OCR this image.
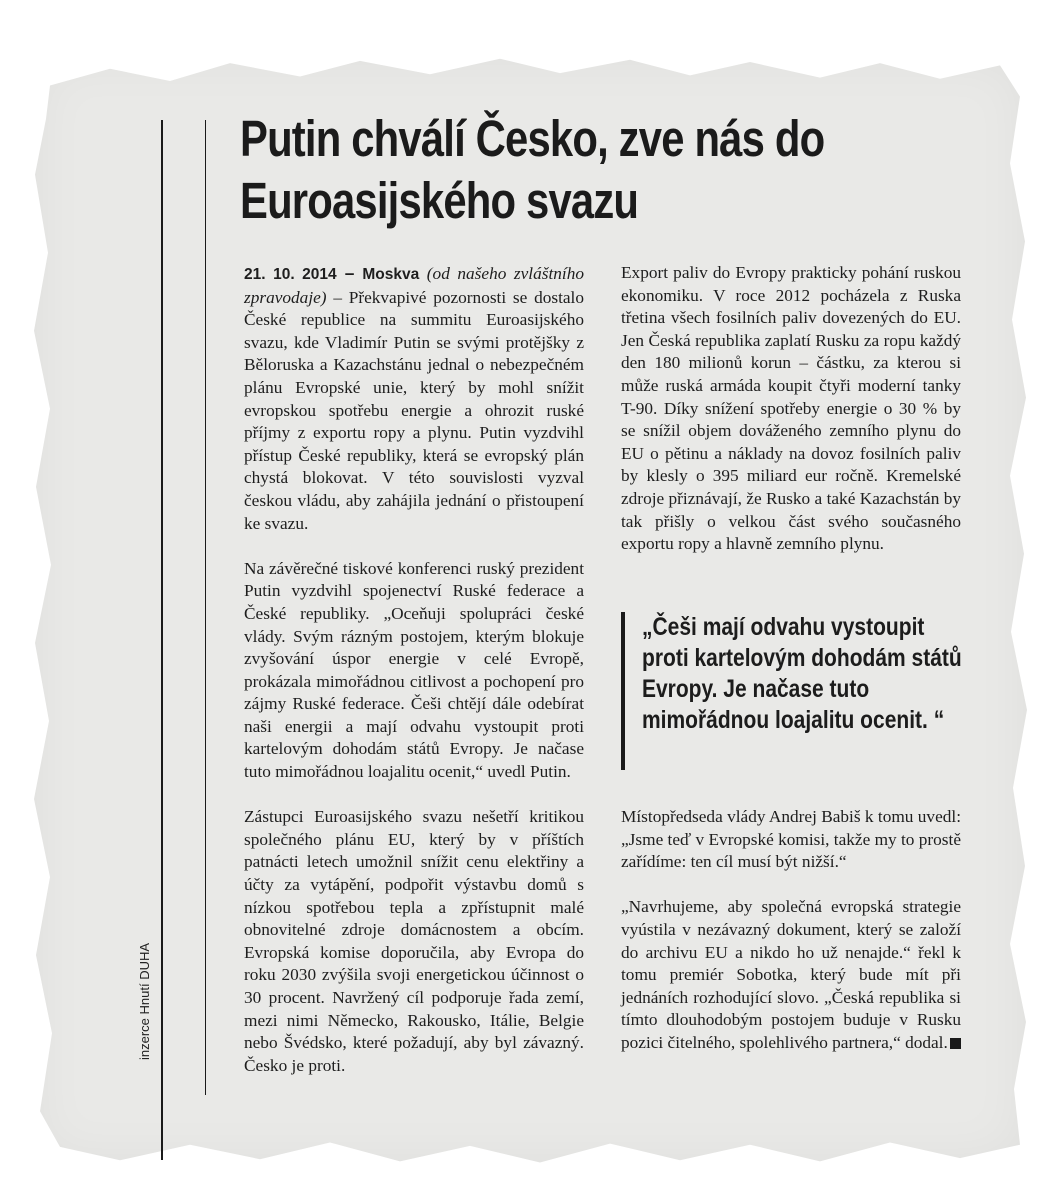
inzerce Hnutí DUHA
Putin chválí Česko, zve nás do Euroasijského svazu

21. 10. 2014 – Moskva (od našeho zvláštního zpravodaje) – Překvapivé pozornosti se dostalo České republice na summitu Euroasijského svazu, kde Vladimír Putin se svými protějšky z Běloruska a Kazachstánu jednal o nebezpečném plánu Evropské unie, který by mohl snížit evropskou spotřebu energie a ohrozit ruské příjmy z exportu ropy a plynu. Putin vyzdvihl přístup České republiky, která se evropský plán chystá blokovat. V této souvislosti vyzval českou vládu, aby zahájila jednání o přistoupení ke svazu.

Na závěrečné tiskové konferenci ruský prezident Putin vyzdvihl spojenectví Ruské federace a České republiky. „Oceňuji spolupráci české vlády. Svým rázným postojem, kterým blokuje zvyšování úspor energie v celé Evropě, prokázala mimořádnou citlivost a pochopení pro zájmy Ruské federace. Češi chtějí dále odebírat naši energii a mají odvahu vystoupit proti kartelovým dohodám států Evropy. Je načase tuto mimořádnou loajalitu ocenit,“ uvedl Putin.

Zástupci Euroasijského svazu nešetří kritikou společného plánu EU, který by v příštích patnácti letech umožnil snížit cenu elektřiny a účty za vytápění, podpořit výstavbu domů s nízkou spotřebou tepla a zpřístupnit malé obnovitelné zdroje domácnostem a obcím. Evropská komise doporučila, aby Evropa do roku 2030 zvýšila svoji energetickou účinnost o 30 procent. Navržený cíl podporuje řada zemí, mezi nimi Německo, Rakousko, Itálie, Belgie nebo Švédsko, které požadují, aby byl závazný. Česko je proti.

Export paliv do Evropy prakticky pohání ruskou ekonomiku. V roce 2012 pocházela z Ruska třetina všech fosilních paliv dovezených do EU. Jen Česká republika zaplatí Rusku za ropu každý den 180 milionů korun – částku, za kterou si může ruská armáda koupit čtyři moderní tanky T-90. Díky snížení spotřeby energie o 30 % by se snížil objem dováženého zemního plynu do EU o pětinu a náklady na dovoz fosilních paliv by klesly o 395 miliard eur ročně. Kremelské zdroje přiznávají, že Rusko a také Kazachstán by tak přišly o velkou část svého současného exportu ropy a hlavně zemního plynu.

„Češi mají odvahu vystoupit proti kartelovým dohodám států Evropy. Je načase tuto mimořádnou loajalitu ocenit. “

Místopředseda vlády Andrej Babiš k tomu uvedl: „Jsme teď v Evropské komisi, takže my to prostě zařídíme: ten cíl musí být nižší.“

„Navrhujeme, aby společná evropská strategie vyústila v nezávazný dokument, který se založí do archivu EU a nikdo ho už nenajde.“ řekl k tomu premiér Sobotka, který bude mít při jednáních rozhodující slovo. „Česká republika si tímto dlouhodobým postojem buduje v Rusku pozici čitelného, spolehlivého partnera,“ dodal.
